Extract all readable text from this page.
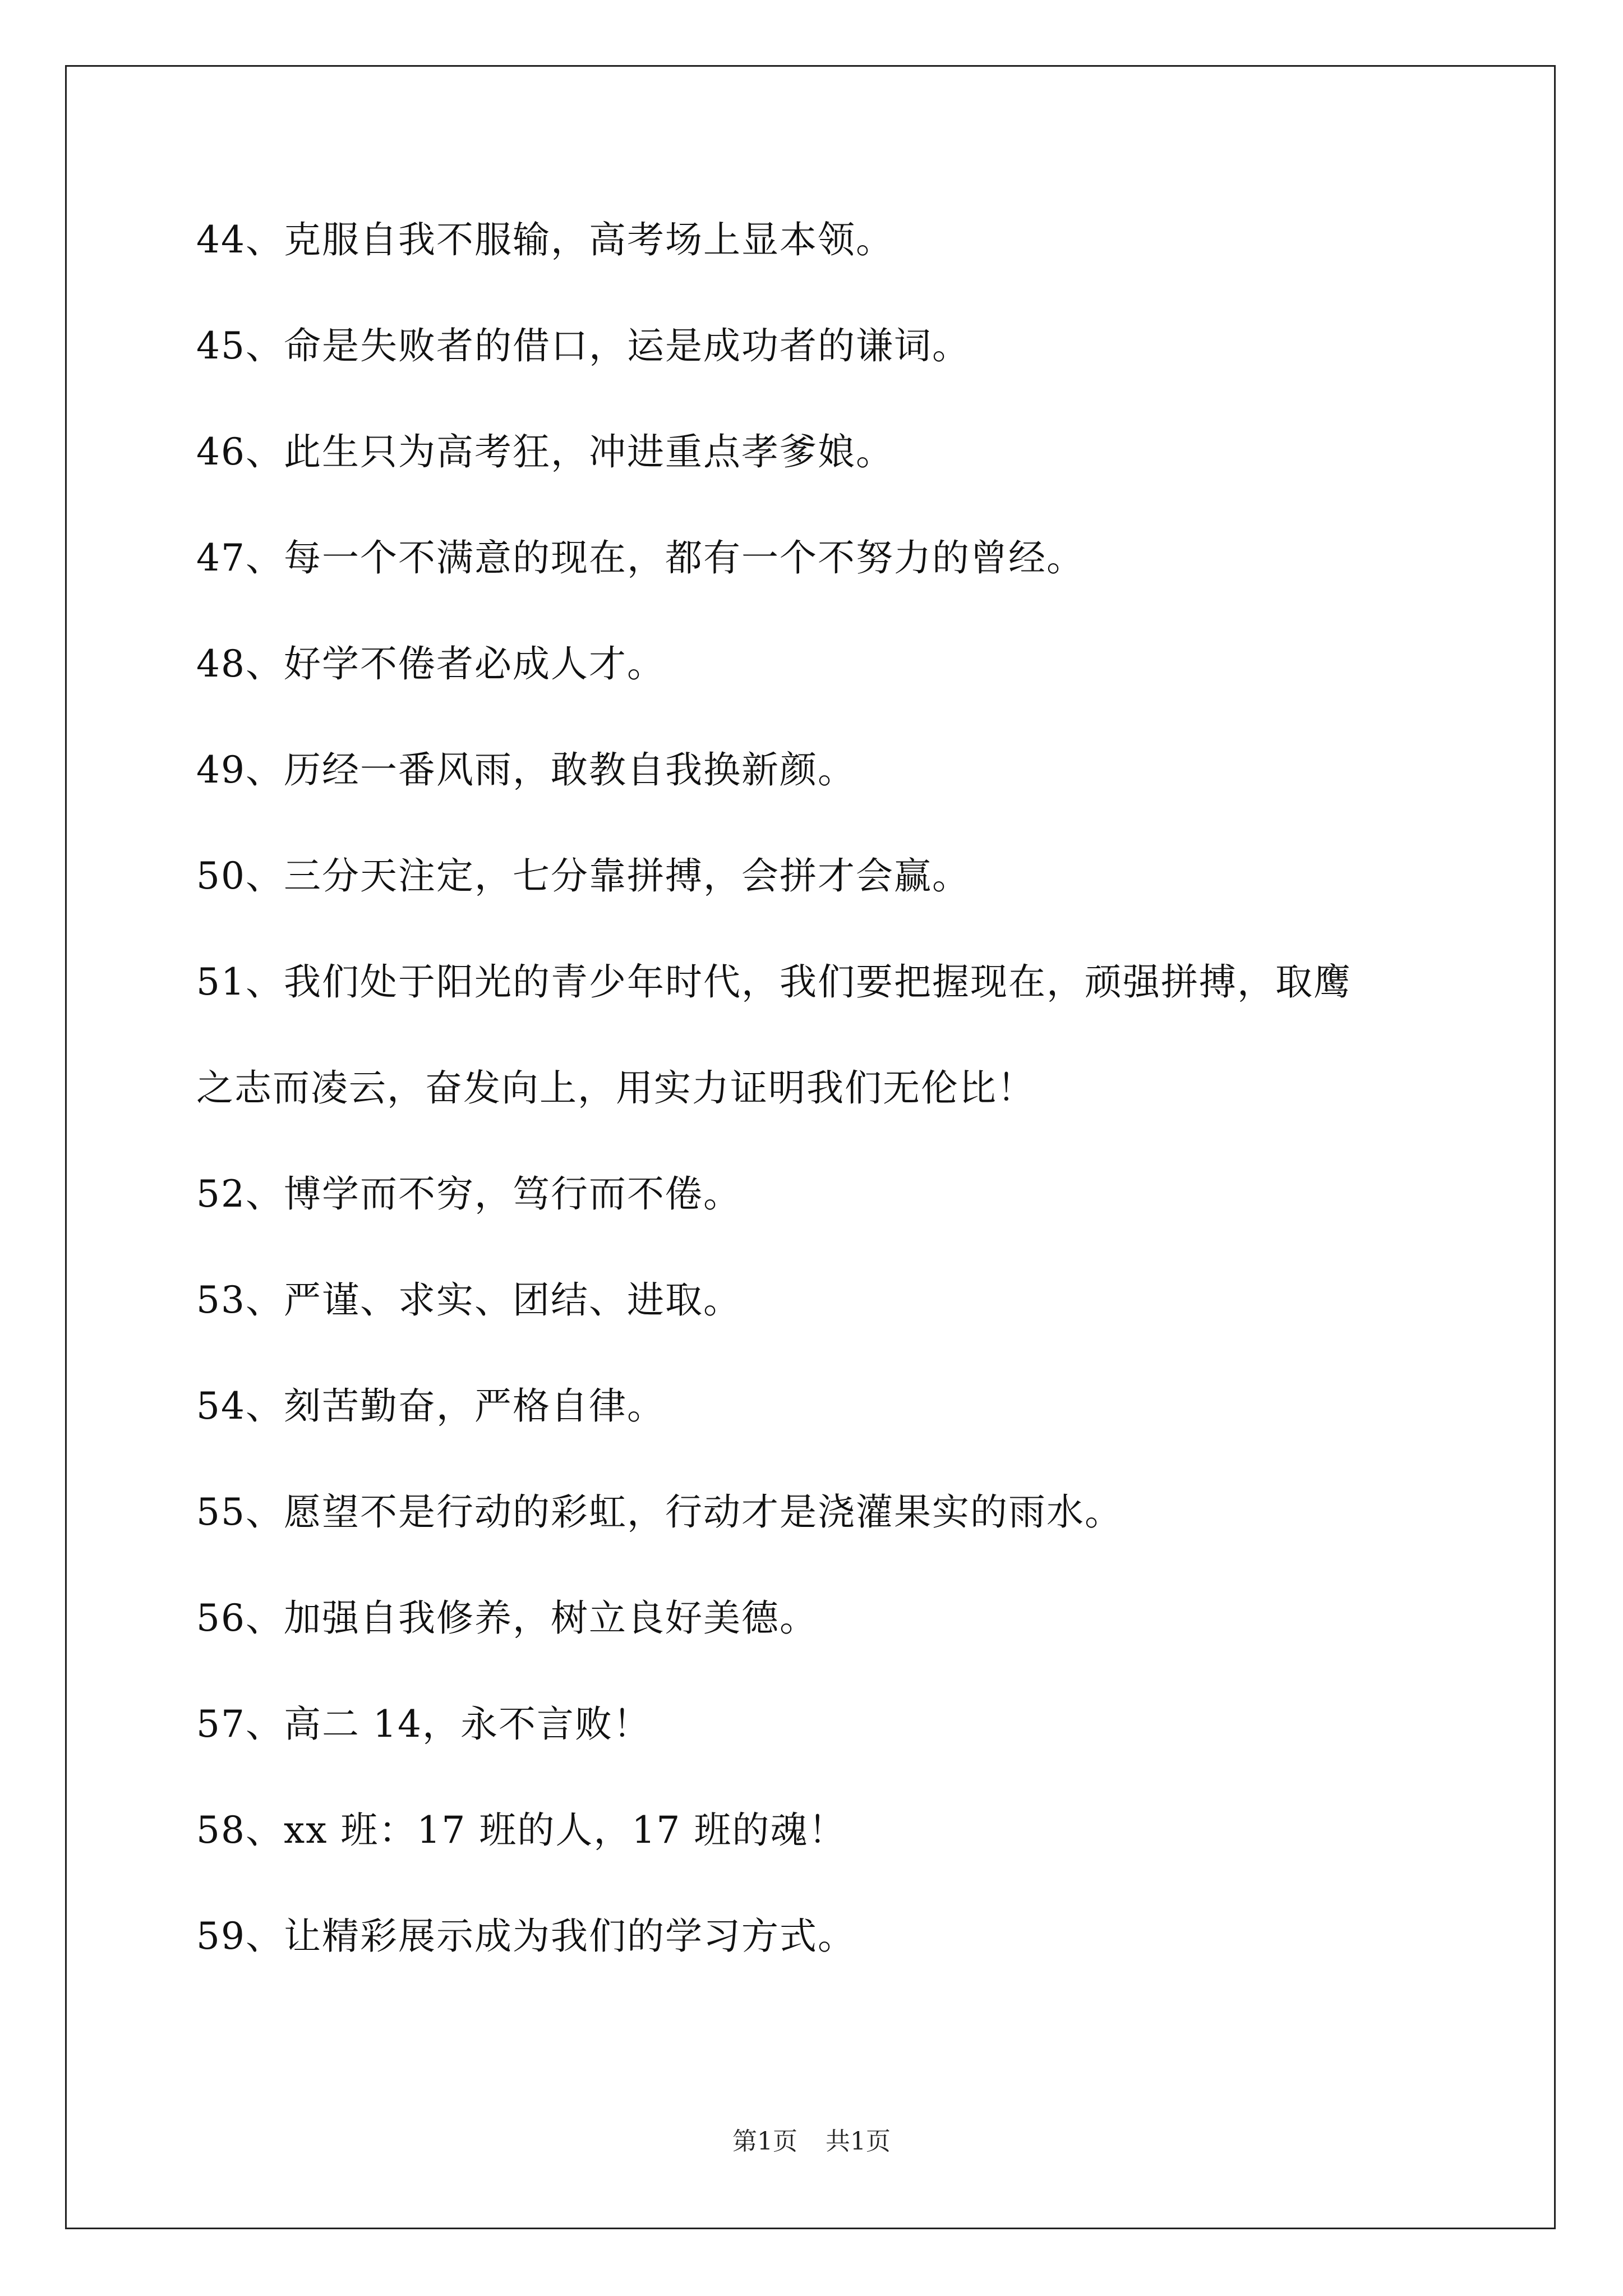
44、克服自我不服输，高考场上显本领。
45、命是失败者的借口，运是成功者的谦词。
46、此生只为高考狂，冲进重点孝爹娘。
47、每一个不满意的现在，都有一个不努力的曾经。
48、好学不倦者必成人才。
49、历经一番风雨，敢教自我换新颜。
50、三分天注定，七分靠拼搏，会拼才会赢。
51、我们处于阳光的青少年时代，我们要把握现在，顽强拼搏，取鹰
之志而凌云，奋发向上，用实力证明我们无伦比！
52、博学而不穷，笃行而不倦。
53、严谨、求实、团结、进取。
54、刻苦勤奋，严格自律。
55、愿望不是行动的彩虹，行动才是浇灌果实的雨水。
56、加强自我修养，树立良好美德。
57、高二 14，永不言败！
58、xx 班：17 班的人，17 班的魂！
59、让精彩展示成为我们的学习方式。
第1页 共1页
